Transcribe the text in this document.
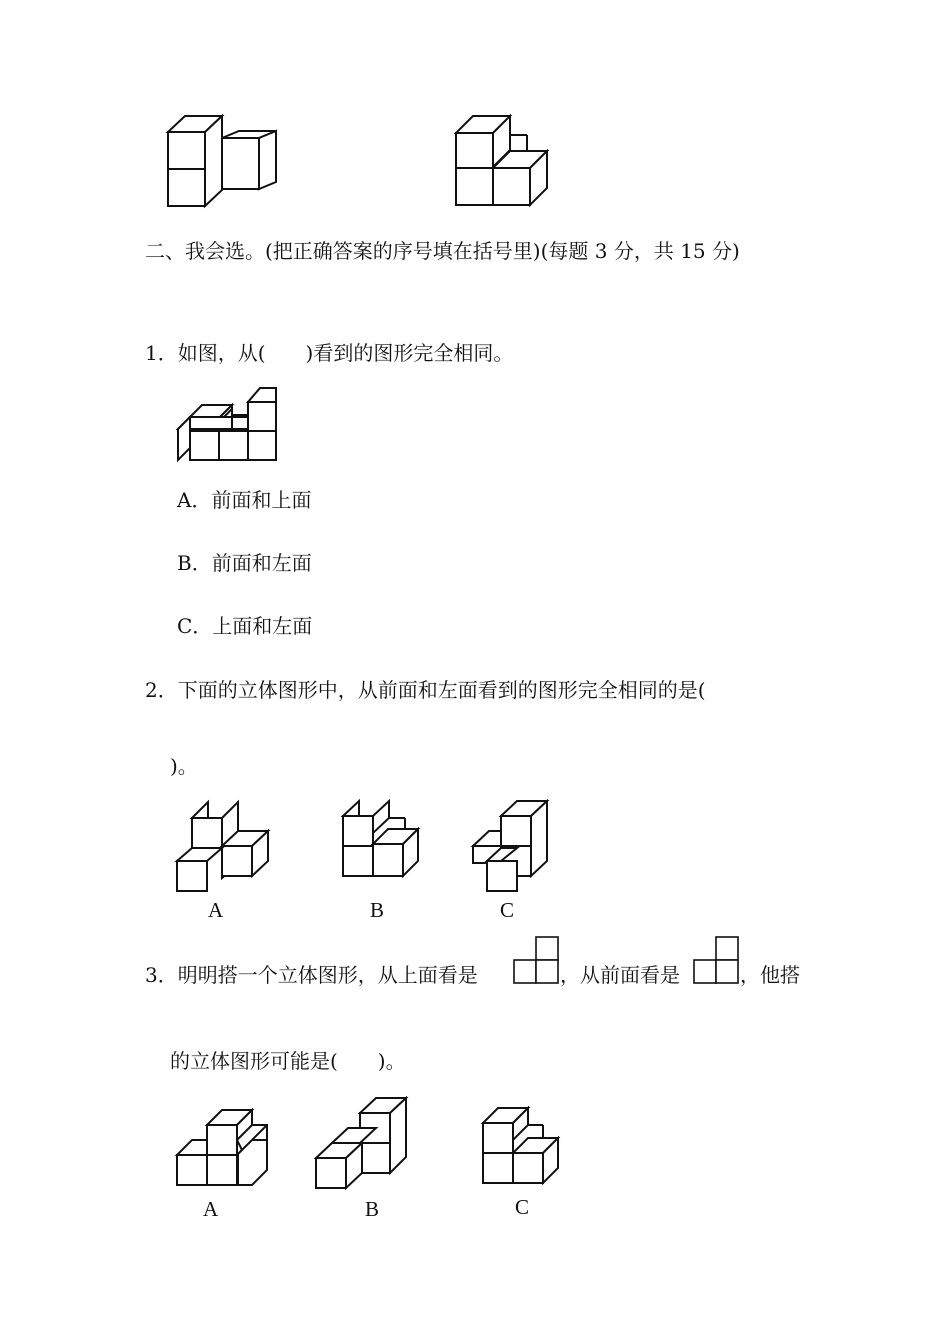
二、我会选。(把正确答案的序号填在括号里)(每题 3 分，共 15 分)
1．如图，从(　　)看到的图形完全相同。
A．前面和上面
B．前面和左面
C．上面和左面
2．下面的立体图形中，从前面和左面看到的图形完全相同的是(
)。
A	B	C
3．明明搭一个立体图形，从上面看是	，从前面看是	，他搭
的立体图形可能是(　　)。
A	B	C
